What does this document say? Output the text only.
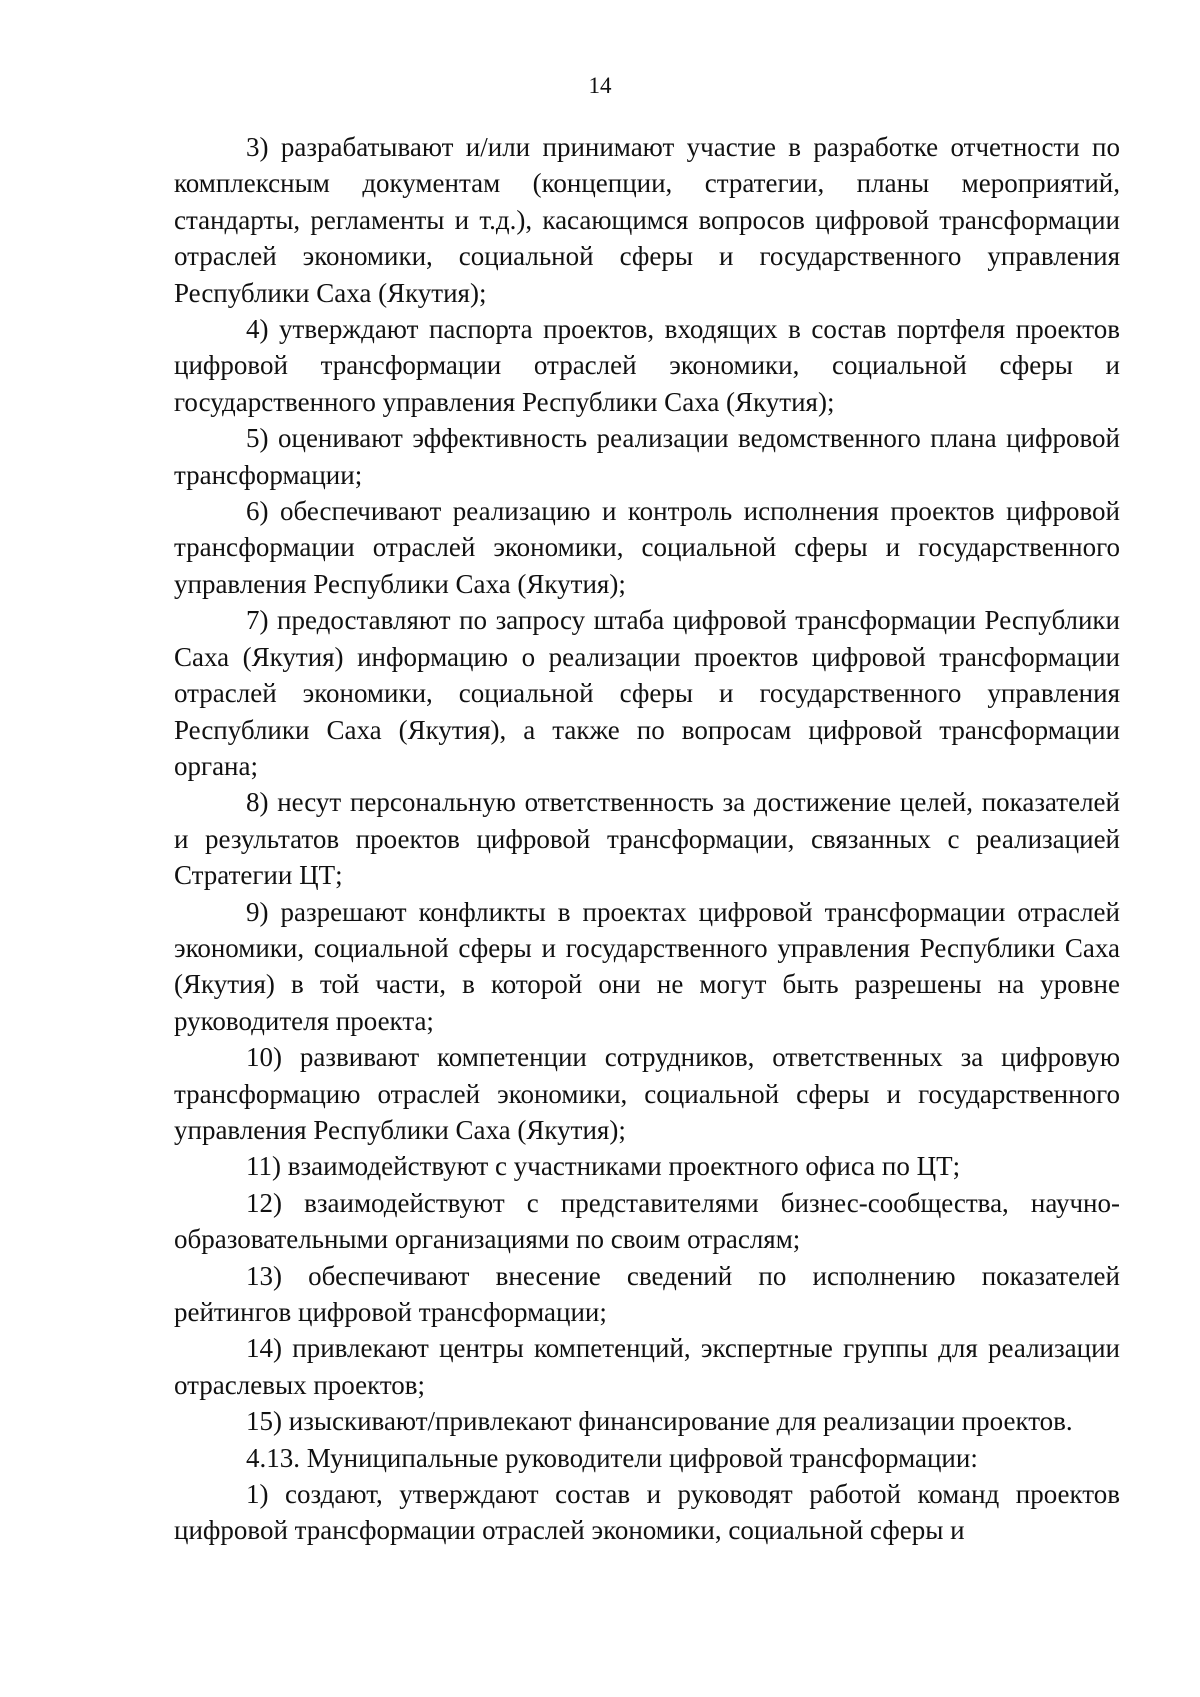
14

3) разрабатывают и/или принимают участие в разработке отчетности по комплексным документам (концепции, стратегии, планы мероприятий, стандарты, регламенты и т.д.), касающимся вопросов цифровой трансформации отраслей экономики, социальной сферы и государственного управления Республики Саха (Якутия);

4) утверждают паспорта проектов, входящих в состав портфеля проектов цифровой трансформации отраслей экономики, социальной сферы и государственного управления Республики Саха (Якутия);

5) оценивают эффективность реализации ведомственного плана цифровой трансформации;

6) обеспечивают реализацию и контроль исполнения проектов цифровой трансформации отраслей экономики, социальной сферы и государственного управления Республики Саха (Якутия);

7) предоставляют по запросу штаба цифровой трансформации Республики Саха (Якутия) информацию о реализации проектов цифровой трансформации отраслей экономики, социальной сферы и государственного управления Республики Саха (Якутия), а также по вопросам цифровой трансформации органа;

8) несут персональную ответственность за достижение целей, показателей и результатов проектов цифровой трансформации, связанных с реализацией Стратегии ЦТ;

9) разрешают конфликты в проектах цифровой трансформации отраслей экономики, социальной сферы и государственного управления Республики Саха (Якутия) в той части, в которой они не могут быть разрешены на уровне руководителя проекта;

10) развивают компетенции сотрудников, ответственных за цифровую трансформацию отраслей экономики, социальной сферы и государственного управления Республики Саха (Якутия);

11) взаимодействуют с участниками проектного офиса по ЦТ;

12) взаимодействуют с представителями бизнес-сообщества, научно-образовательными организациями по своим отраслям;

13) обеспечивают внесение сведений по исполнению показателей рейтингов цифровой трансформации;

14) привлекают центры компетенций, экспертные группы для реализации отраслевых проектов;

15) изыскивают/привлекают финансирование для реализации проектов.

4.13. Муниципальные руководители цифровой трансформации:

1) создают, утверждают состав и руководят работой команд проектов цифровой трансформации отраслей экономики, социальной сферы и
